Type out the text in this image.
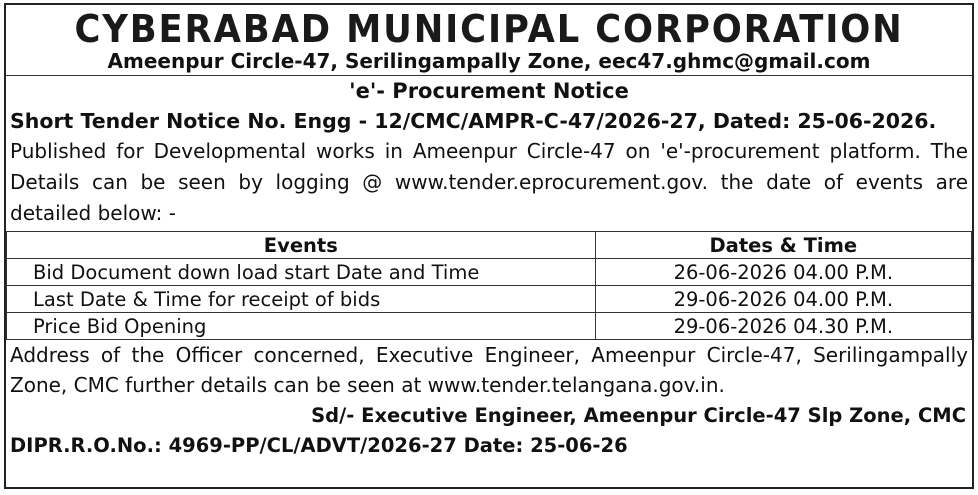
CYBERABAD MUNICIPAL CORPORATION
Ameenpur Circle-47, Serilingampally Zone, eec47.ghmc@gmail.com
'e'- Procurement Notice
Short Tender Notice No. Engg - 12/CMC/AMPR-C-47/2026-27, Dated: 25-06-2026.
Published for Developmental works in Ameenpur Circle-47 on 'e'-procurement platform. The Details can be seen by logging @ www.tender.eprocurement.gov. the date of events are detailed below: -
Events	Dates & Time
Bid Document down load start Date and Time	26-06-2026 04.00 P.M.
Last Date & Time for receipt of bids	29-06-2026 04.00 P.M.
Price Bid Opening	29-06-2026 04.30 P.M.
Address of the Officer concerned, Executive Engineer, Ameenpur Circle-47, Serilingampally Zone, CMC further details can be seen at www.tender.telangana.gov.in.
Sd/- Executive Engineer, Ameenpur Circle-47 Slp Zone, CMC
DIPR.R.O.No.: 4969-PP/CL/ADVT/2026-27 Date: 25-06-26
